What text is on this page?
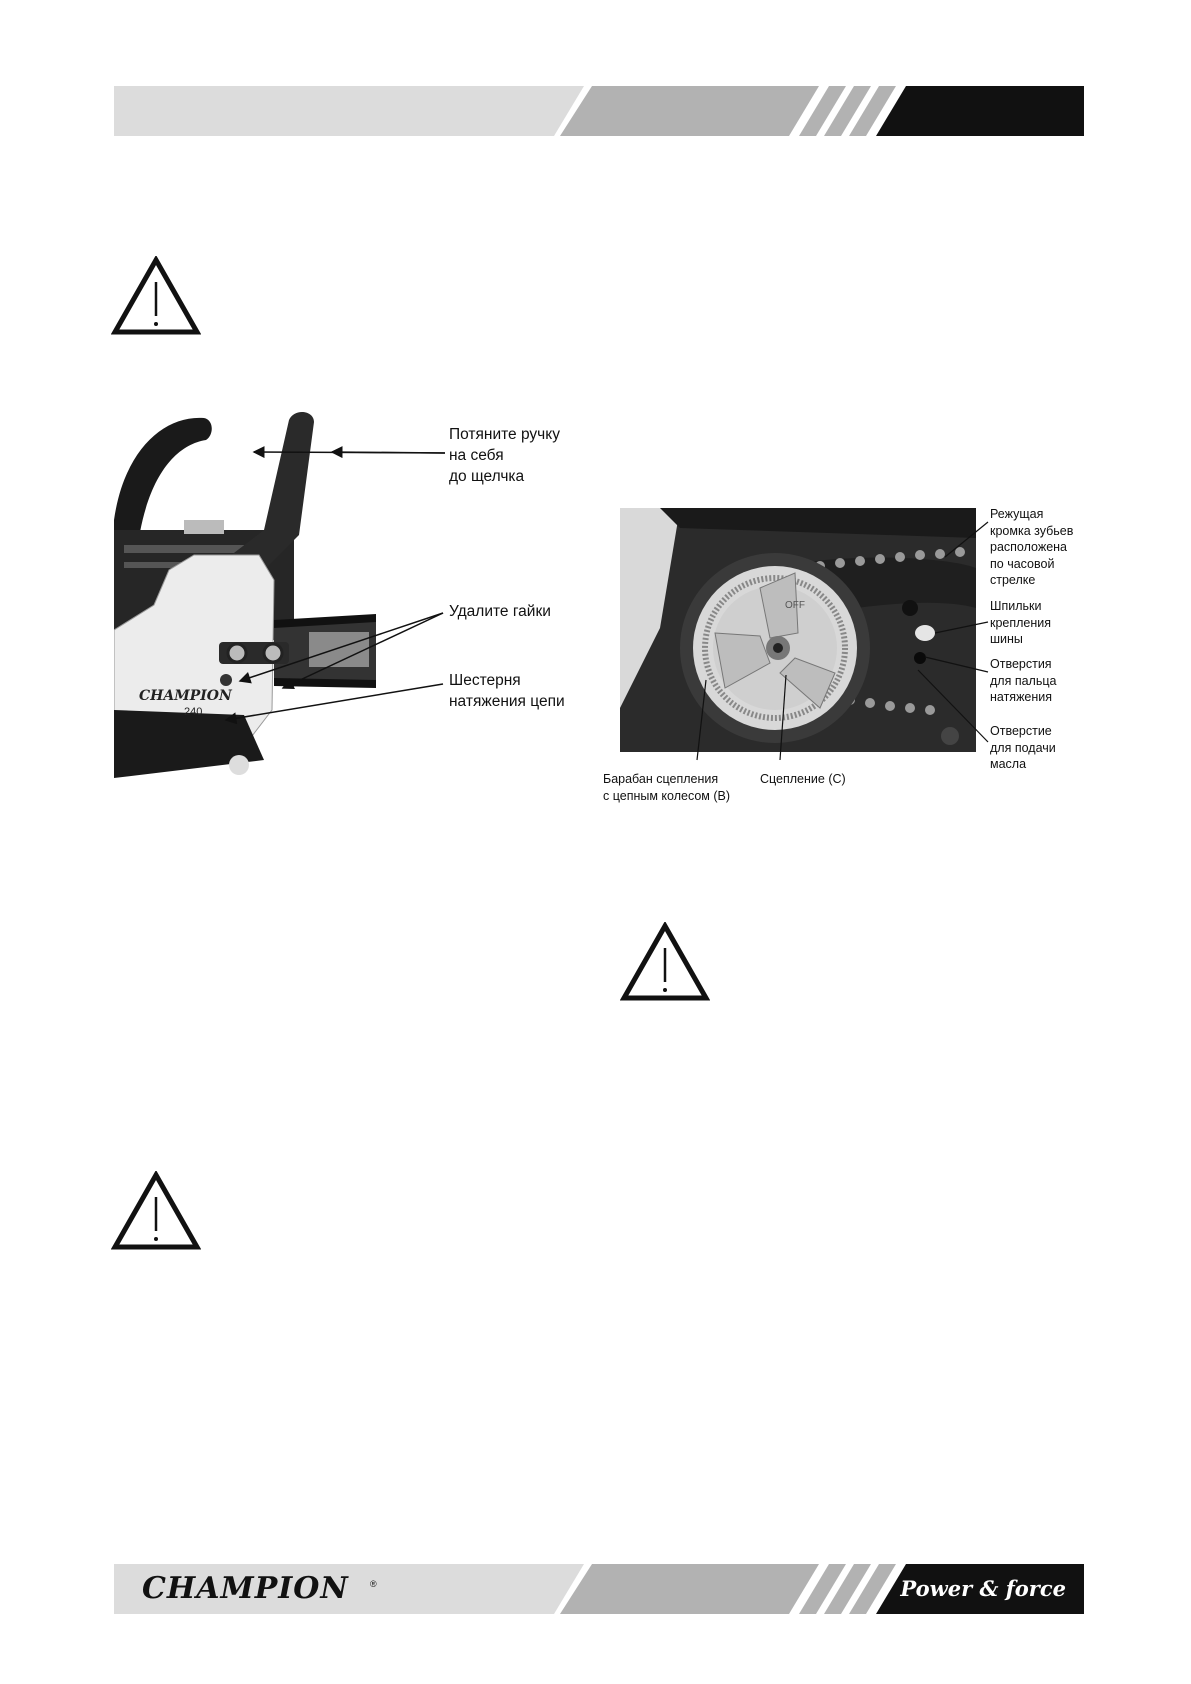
CHAMPION
240
Потяните ручку
на себя
до щелчка
Удалите гайки
Шестерня
натяжения цепи
OFF
Режущая
кромка зубьев
расположена
по часовой
стрелке
Шпильки
крепления
шины
Отверстия
для пальца
натяжения
Отверстие
для подачи
масла
Барабан сцепления
с цепным колесом (В)
Сцепление (С)
CHAMPION ®	Power & force
